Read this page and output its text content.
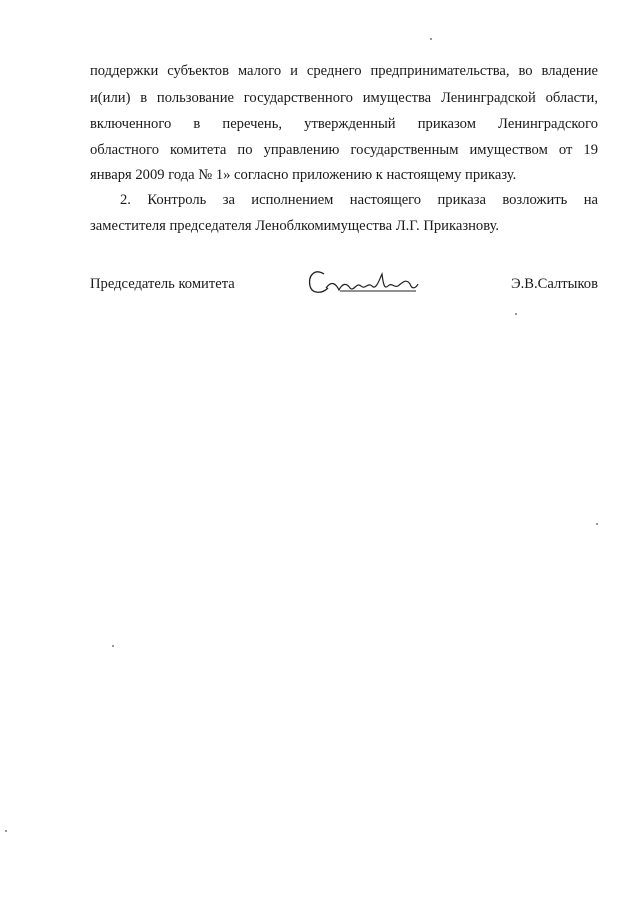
поддержки субъектов малого и среднего предпринимательства, во владение
и(или) в пользование государственного имущества Ленинградской области,
включенного в перечень, утвержденный приказом Ленинградского
областного комитета по управлению государственным имуществом от 19
января 2009 года № 1» согласно приложению к настоящему приказу.
2. Контроль за исполнением настоящего приказа возложить на
заместителя председателя Леноблкомимущества Л.Г. Приказнову.
Председатель комитета	Э.В.Салтыков
